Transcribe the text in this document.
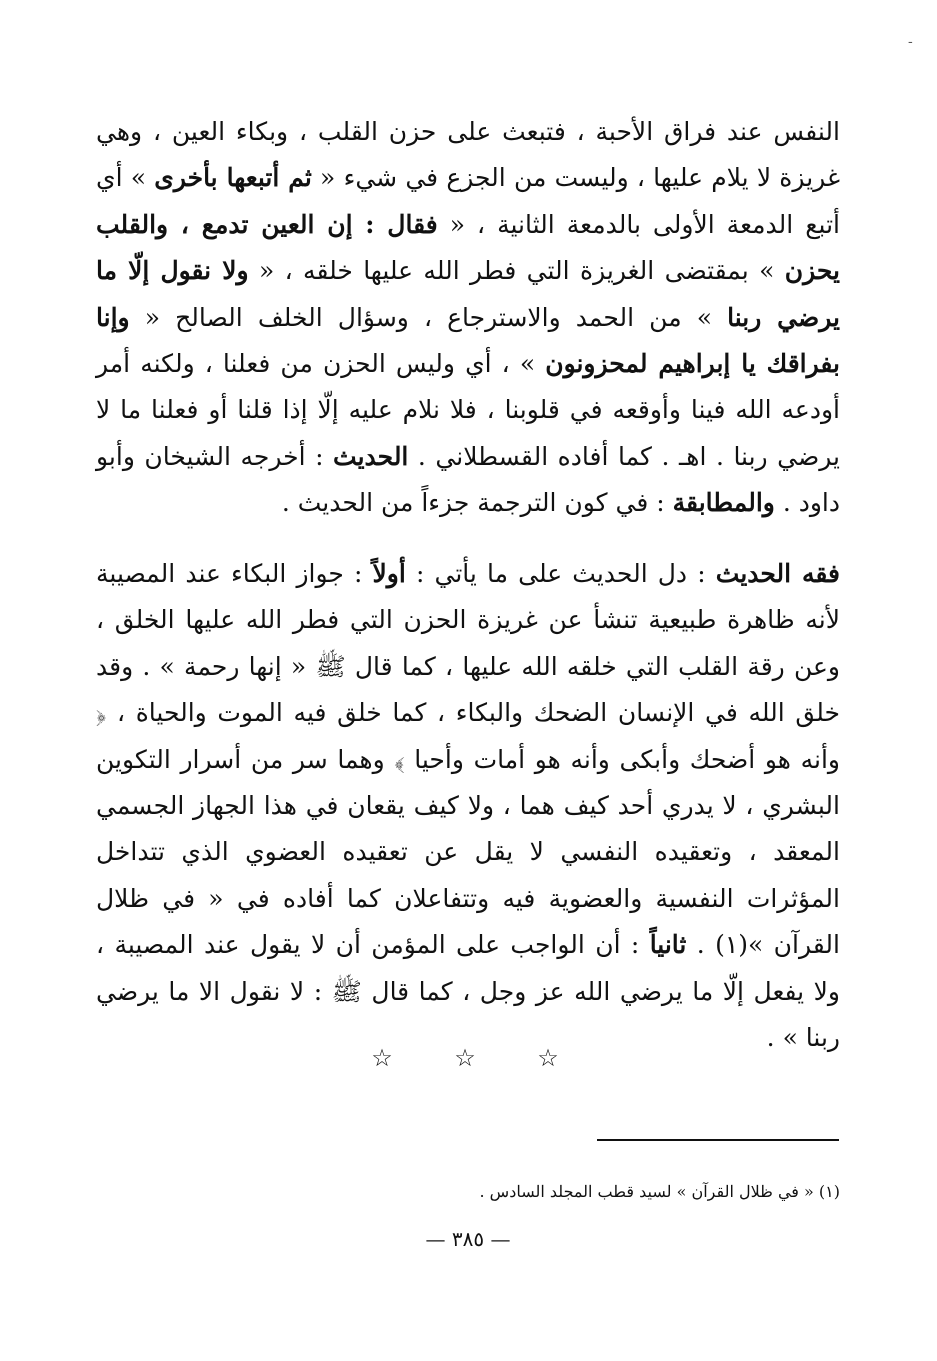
-

النفس عند فراق الأحبة ، فتبعث على حزن القلب ، وبكاء العين ، وهي غريزة لا يلام عليها ، وليست من الجزع في شيء « ثم أتبعها بأخرى » أي أتبع الدمعة الأولى بالدمعة الثانية ، « فقال : إن العين تدمع ، والقلب يحزن » بمقتضى الغريزة التي فطر الله عليها خلقه ، « ولا نقول إلّا ما يرضي ربنا » من الحمد والاسترجاع ، وسؤال الخلف الصالح « وإنا بفراقك يا إبراهيم لمحزونون » ، أي وليس الحزن من فعلنا ، ولكنه أمر أودعه الله فينا وأوقعه في قلوبنا ، فلا نلام عليه إلّا إذا قلنا أو فعلنا ما لا يرضي ربنا . اهـ . كما أفاده القسطلاني . الحديث : أخرجه الشيخان وأبو داود . والمطابقة : في كون الترجمة جزءاً من الحديث .

فقه الحديث : دل الحديث على ما يأتي : أولاً : جواز البكاء عند المصيبة لأنه ظاهرة طبيعية تنشأ عن غريزة الحزن التي فطر الله عليها الخلق ، وعن رقة القلب التي خلقه الله عليها ، كما قال ﷺ « إنها رحمة » . وقد خلق الله في الإنسان الضحك والبكاء ، كما خلق فيه الموت والحياة ، ﴿ وأنه هو أضحك وأبكى وأنه هو أمات وأحيا ﴾ وهما سر من أسرار التكوين البشري ، لا يدري أحد كيف هما ، ولا كيف يقعان في هذا الجهاز الجسمي المعقد ، وتعقيده النفسي لا يقل عن تعقيده العضوي الذي تتداخل المؤثرات النفسية والعضوية فيه وتتفاعلان كما أفاده في « في ظلال القرآن »(١) . ثانياً : أن الواجب على المؤمن أن لا يقول عند المصيبة ، ولا يفعل إلّا ما يرضي الله عز وجل ، كما قال ﷺ : لا نقول الا ما يرضي ربنا » .

☆	☆	☆

(١) « في ظلال القرآن » لسيد قطب المجلد السادس .

— ٣٨٥ —
